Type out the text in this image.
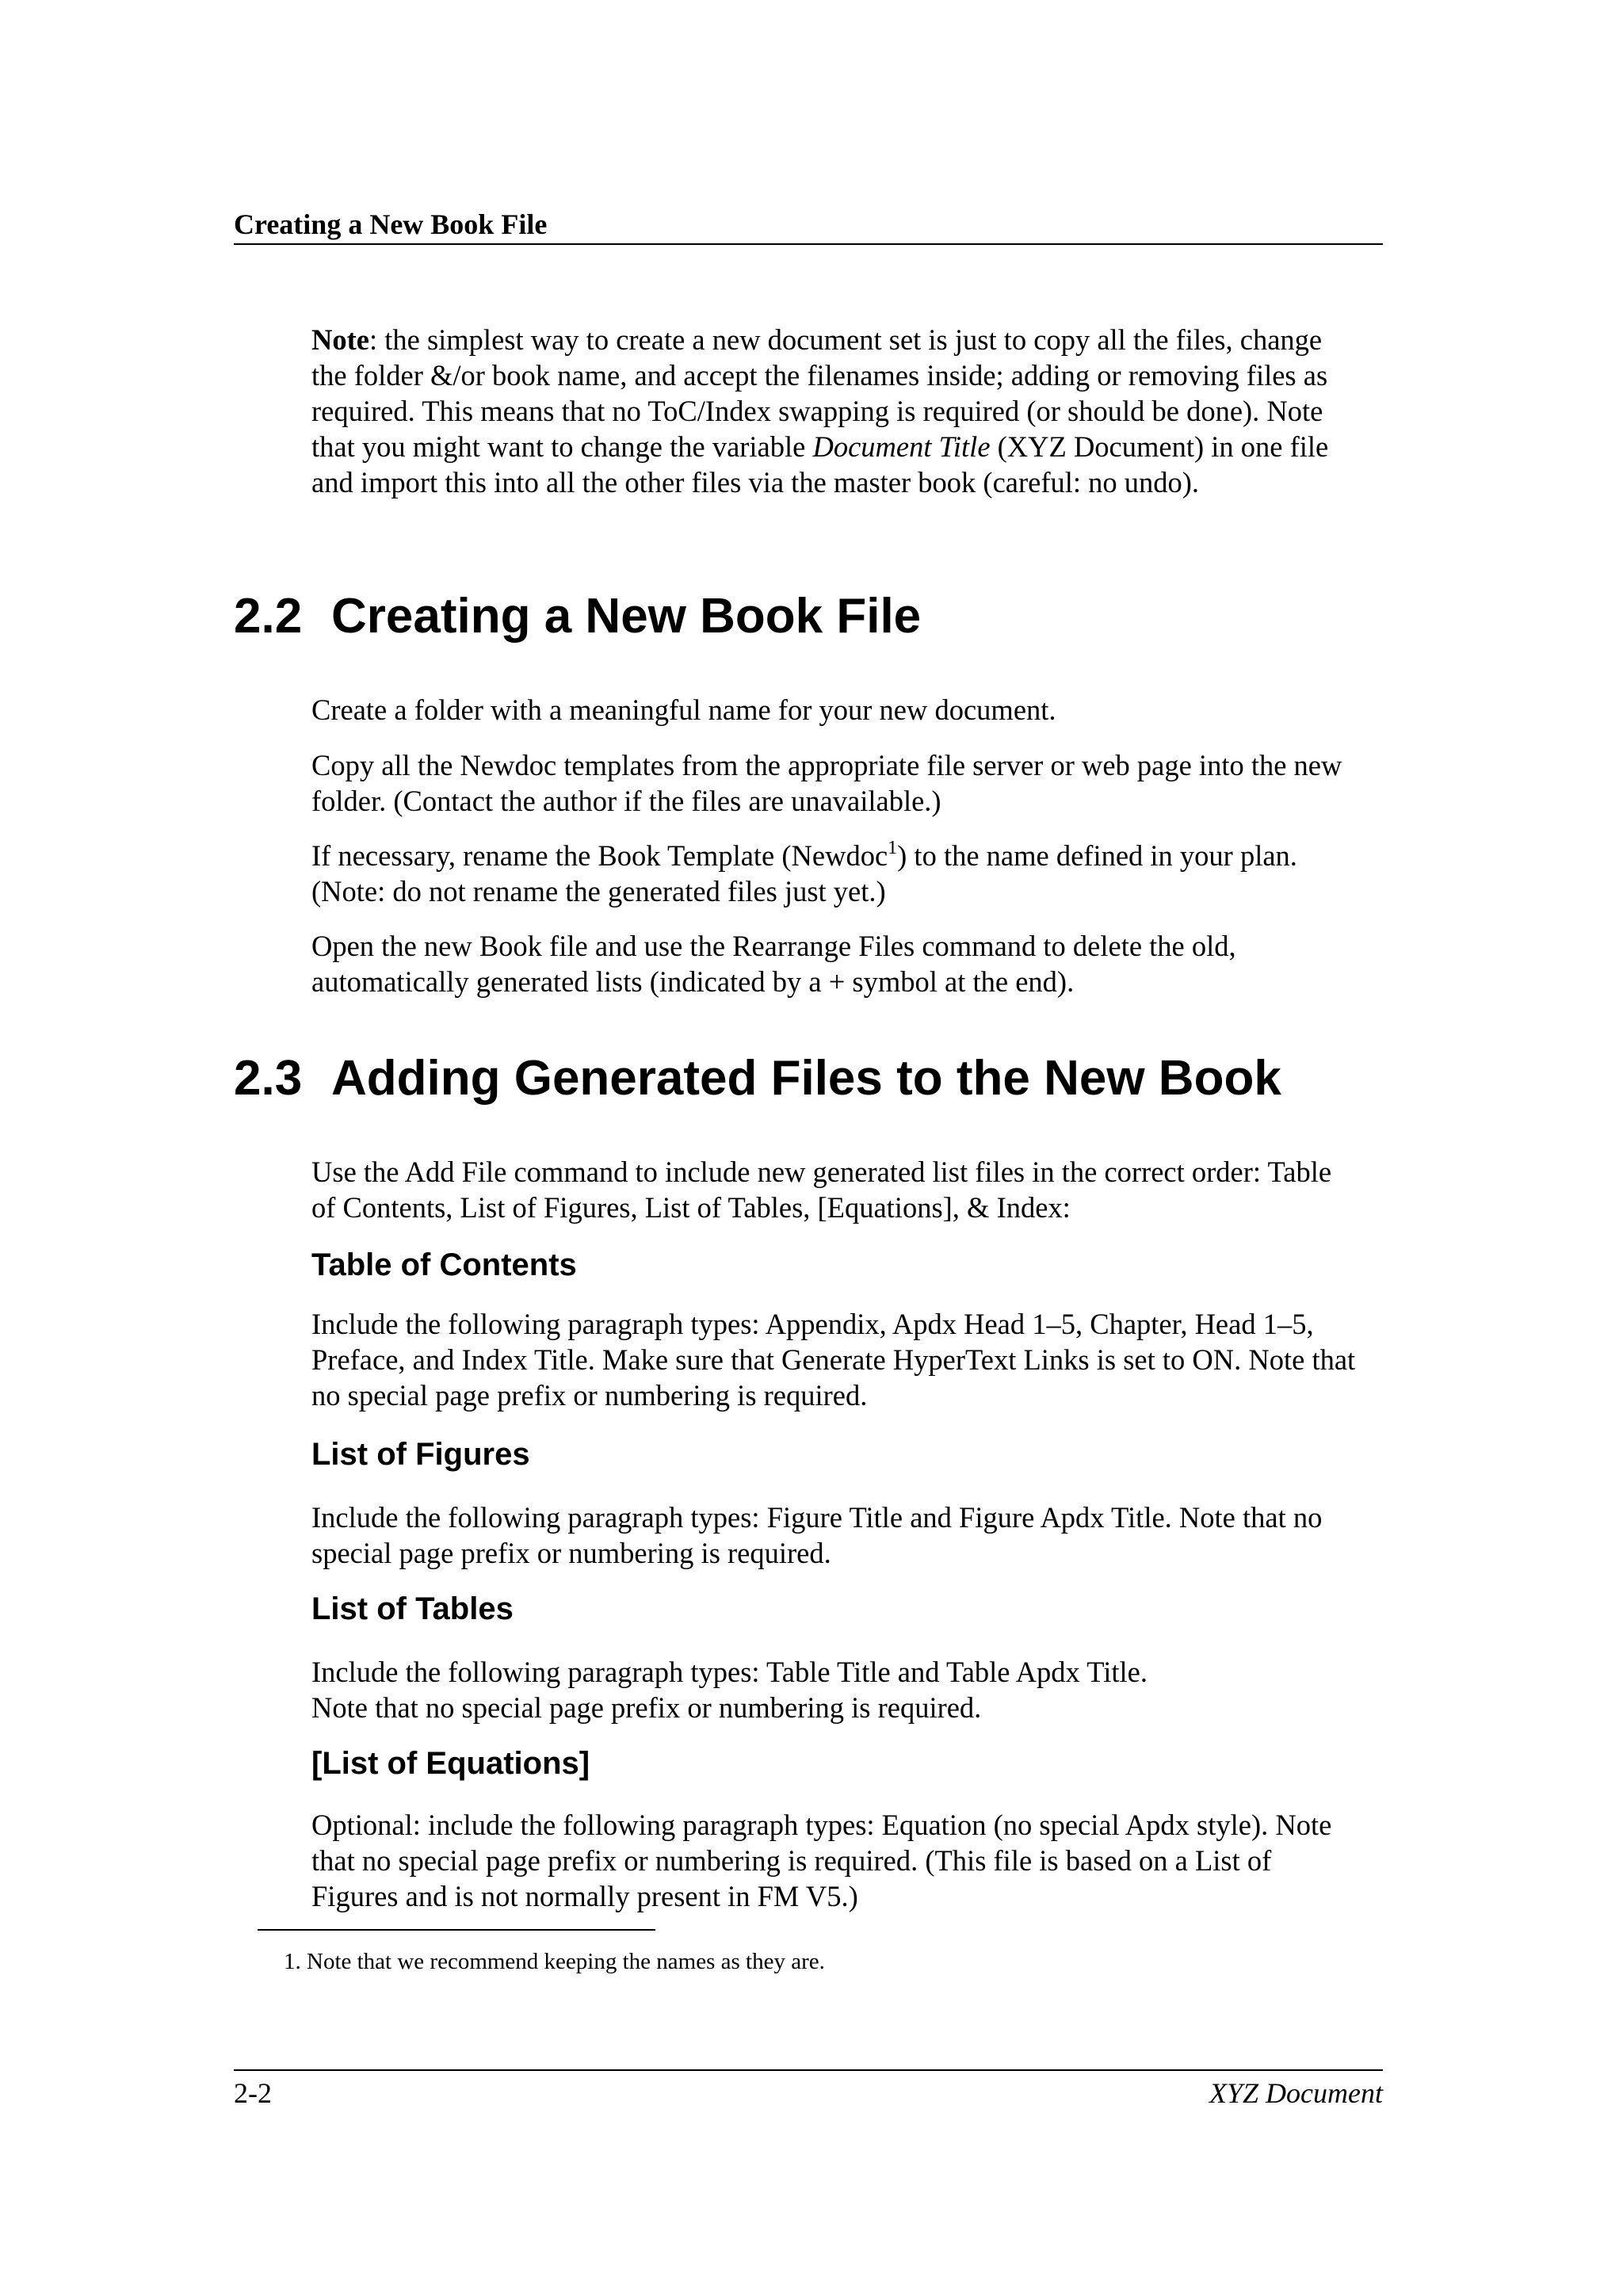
Creating a New Book File

Note: the simplest way to create a new document set is just to copy all the files, change the folder &/or book name, and accept the filenames inside; adding or removing files as required. This means that no ToC/Index swapping is required (or should be done). Note that you might want to change the variable Document Title (XYZ Document) in one file and import this into all the other files via the master book (careful: no undo).

2.2 Creating a New Book File

Create a folder with a meaningful name for your new document.

Copy all the Newdoc templates from the appropriate file server or web page into the new folder. (Contact the author if the files are unavailable.)

If necessary, rename the Book Template (Newdoc$^1$) to the name defined in your plan. (Note: do not rename the generated files just yet.)

Open the new Book file and use the Rearrange Files command to delete the old, automatically generated lists (indicated by a + symbol at the end).

2.3 Adding Generated Files to the New Book

Use the Add File command to include new generated list files in the correct order: Table of Contents, List of Figures, List of Tables, [Equations], & Index:

Table of Contents

Include the following paragraph types: Appendix, Apdx Head 1–5, Chapter, Head 1–5, Preface, and Index Title. Make sure that Generate HyperText Links is set to ON. Note that no special page prefix or numbering is required.

List of Figures

Include the following paragraph types: Figure Title and Figure Apdx Title. Note that no special page prefix or numbering is required.

List of Tables

Include the following paragraph types: Table Title and Table Apdx Title.
Note that no special page prefix or numbering is required.

[List of Equations]

Optional: include the following paragraph types: Equation (no special Apdx style). Note that no special page prefix or numbering is required. (This file is based on a List of Figures and is not normally present in FM V5.)

1. Note that we recommend keeping the names as they are.
2-2	XYZ Document
